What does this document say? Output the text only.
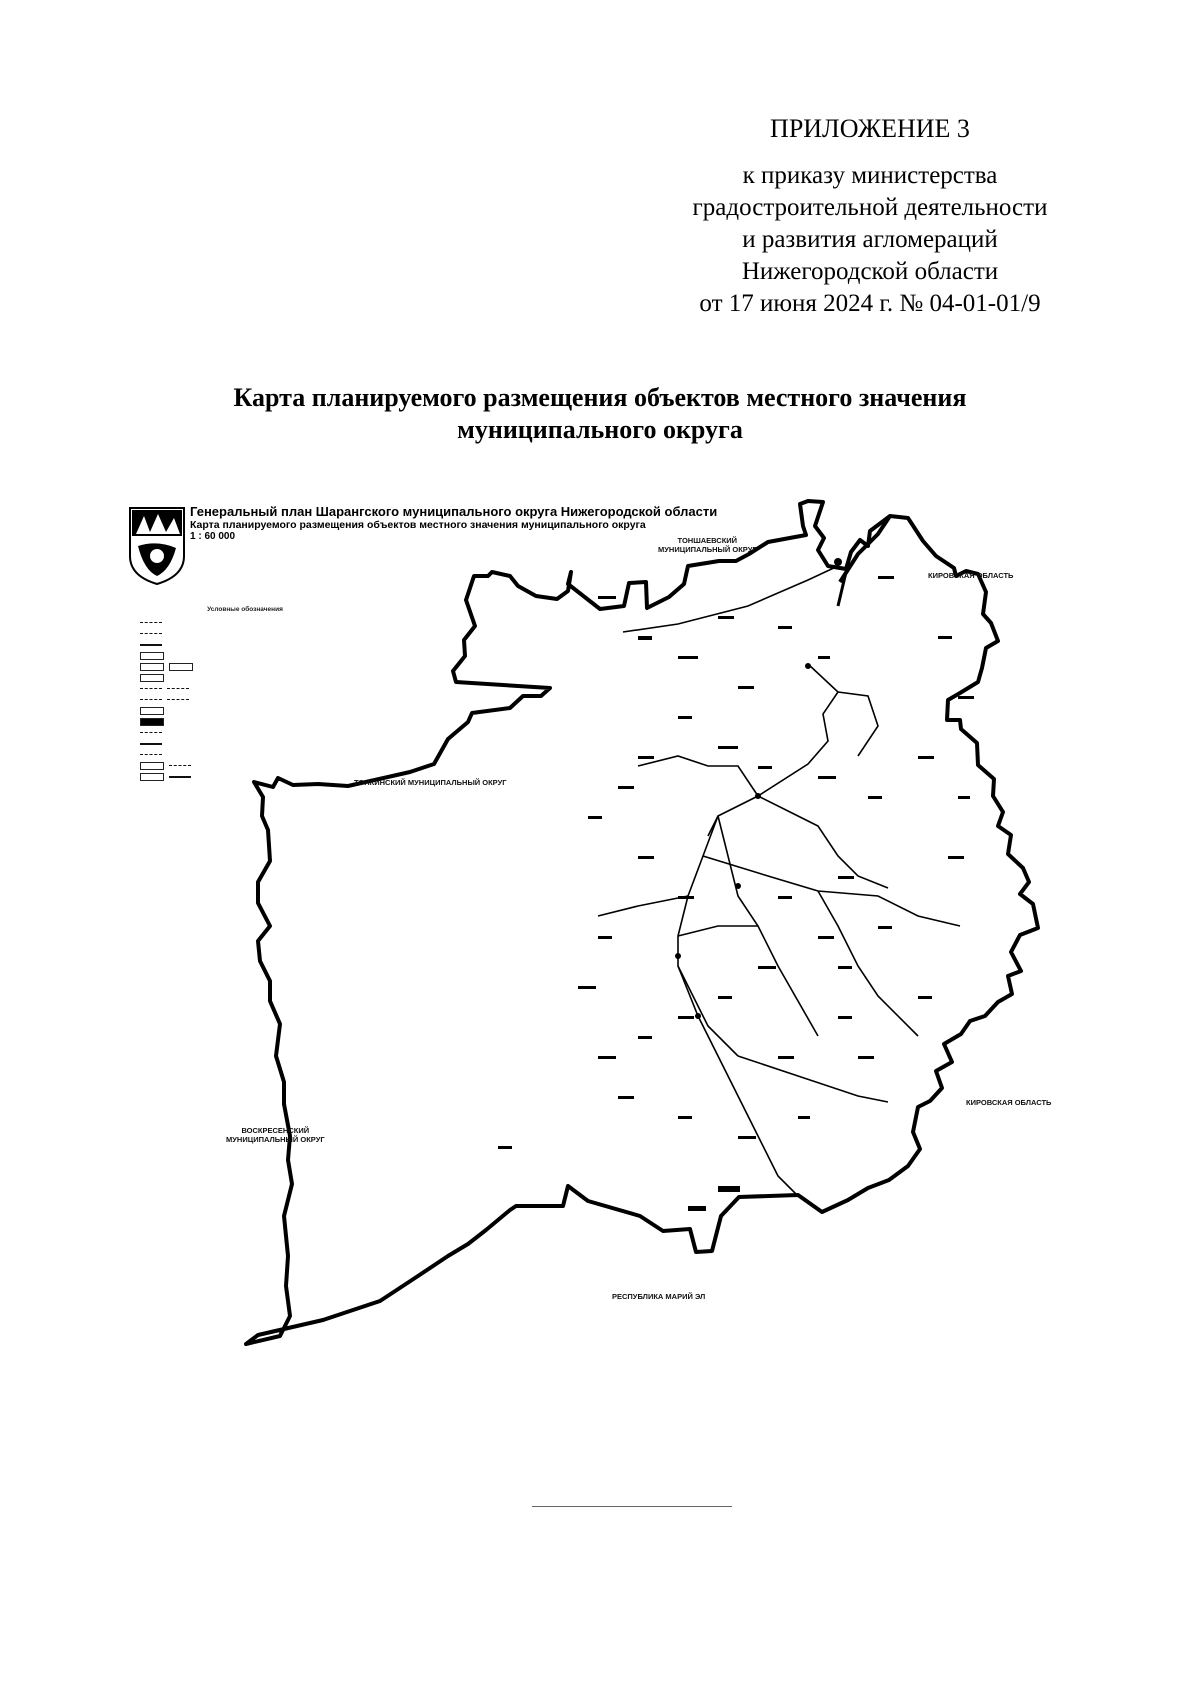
ПРИЛОЖЕНИЕ 3
к приказу министерства
градостроительной деятельности
и развития агломераций
Нижегородской области
от 17 июня 2024 г. № 04-01-01/9
Карта планируемого размещения объектов местного значения
муниципального округа
Генеральный план Шарангского муниципального округа Нижегородской области
Карта планируемого размещения объектов местного значения муниципального округа
1 : 60 000
Условные обозначения
ТОНШАЕВСКИЙ
МУНИЦИПАЛЬНЫЙ ОКРУГ
ТОНКИНСКИЙ МУНИЦИПАЛЬНЫЙ ОКРУГ
КИРОВСКАЯ ОБЛАСТЬ
КИРОВСКАЯ ОБЛАСТЬ
ВОСКРЕСЕНСКИЙ
МУНИЦИПАЛЬНЫЙ ОКРУГ
РЕСПУБЛИКА МАРИЙ ЭЛ
